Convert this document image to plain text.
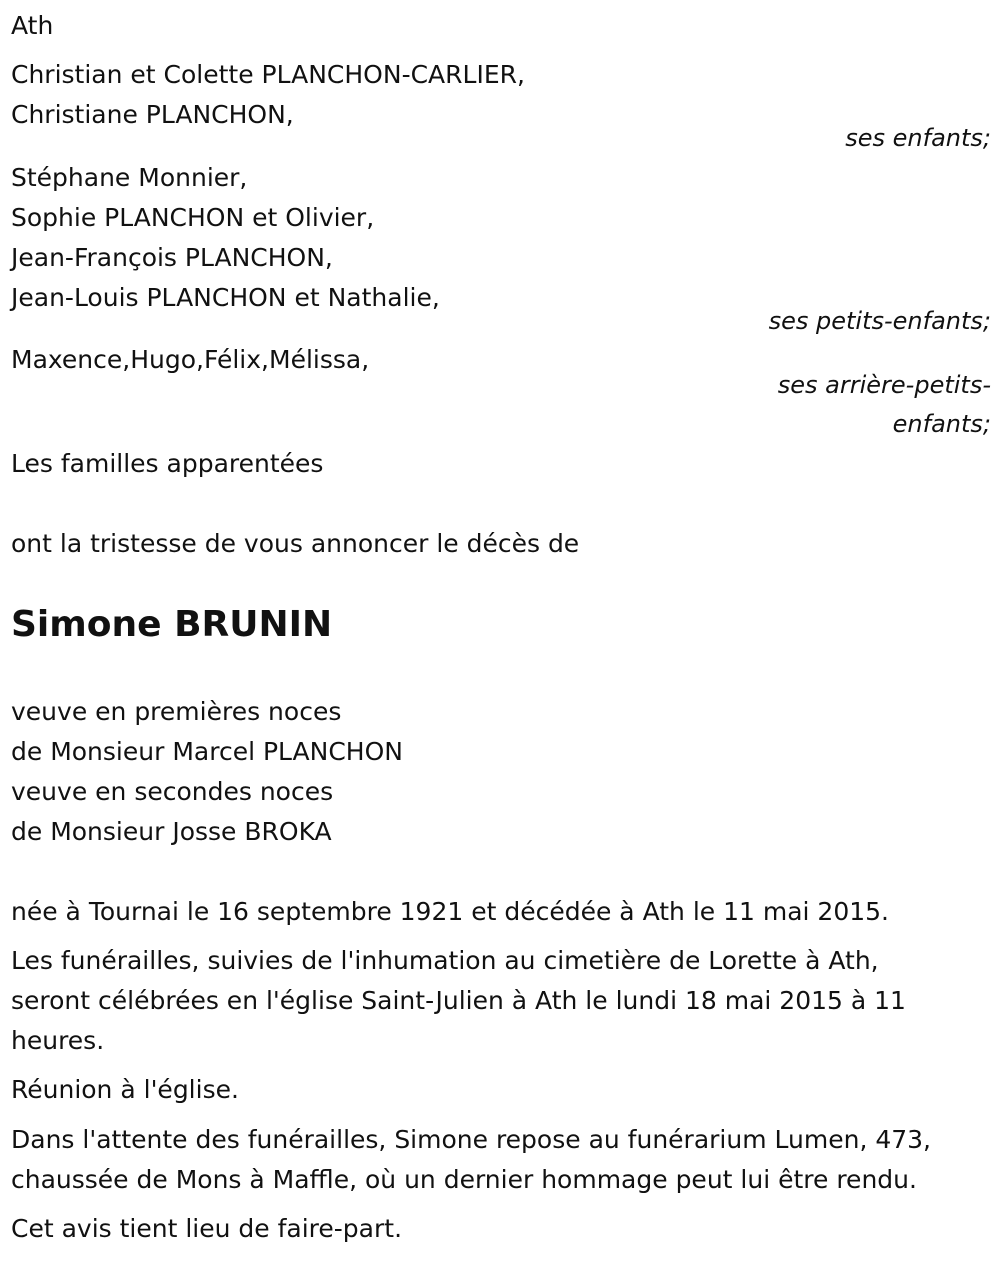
Ath
Christian et Colette PLANCHON-CARLIER,
Christiane PLANCHON,
ses enfants;
Stéphane Monnier,
Sophie PLANCHON et Olivier,
Jean-François PLANCHON,
Jean-Louis PLANCHON et Nathalie,
ses petits-enfants;
Maxence,Hugo,Félix,Mélissa,
ses arrière-petits-
enfants;
Les familles apparentées
ont la tristesse de vous annoncer le décès de
Simone BRUNIN
veuve en premières noces
de Monsieur Marcel PLANCHON
veuve en secondes noces
de Monsieur Josse BROKA
née à Tournai le 16 septembre 1921 et décédée à Ath le 11 mai 2015.
Les funérailles, suivies de l'inhumation au cimetière de Lorette à Ath,
seront célébrées en l'église Saint-Julien à Ath le lundi 18 mai 2015 à 11
heures.
Réunion à l'église.
Dans l'attente des funérailles, Simone repose au funérarium Lumen, 473,
chaussée de Mons à Maffle, où un dernier hommage peut lui être rendu.
Cet avis tient lieu de faire-part.
